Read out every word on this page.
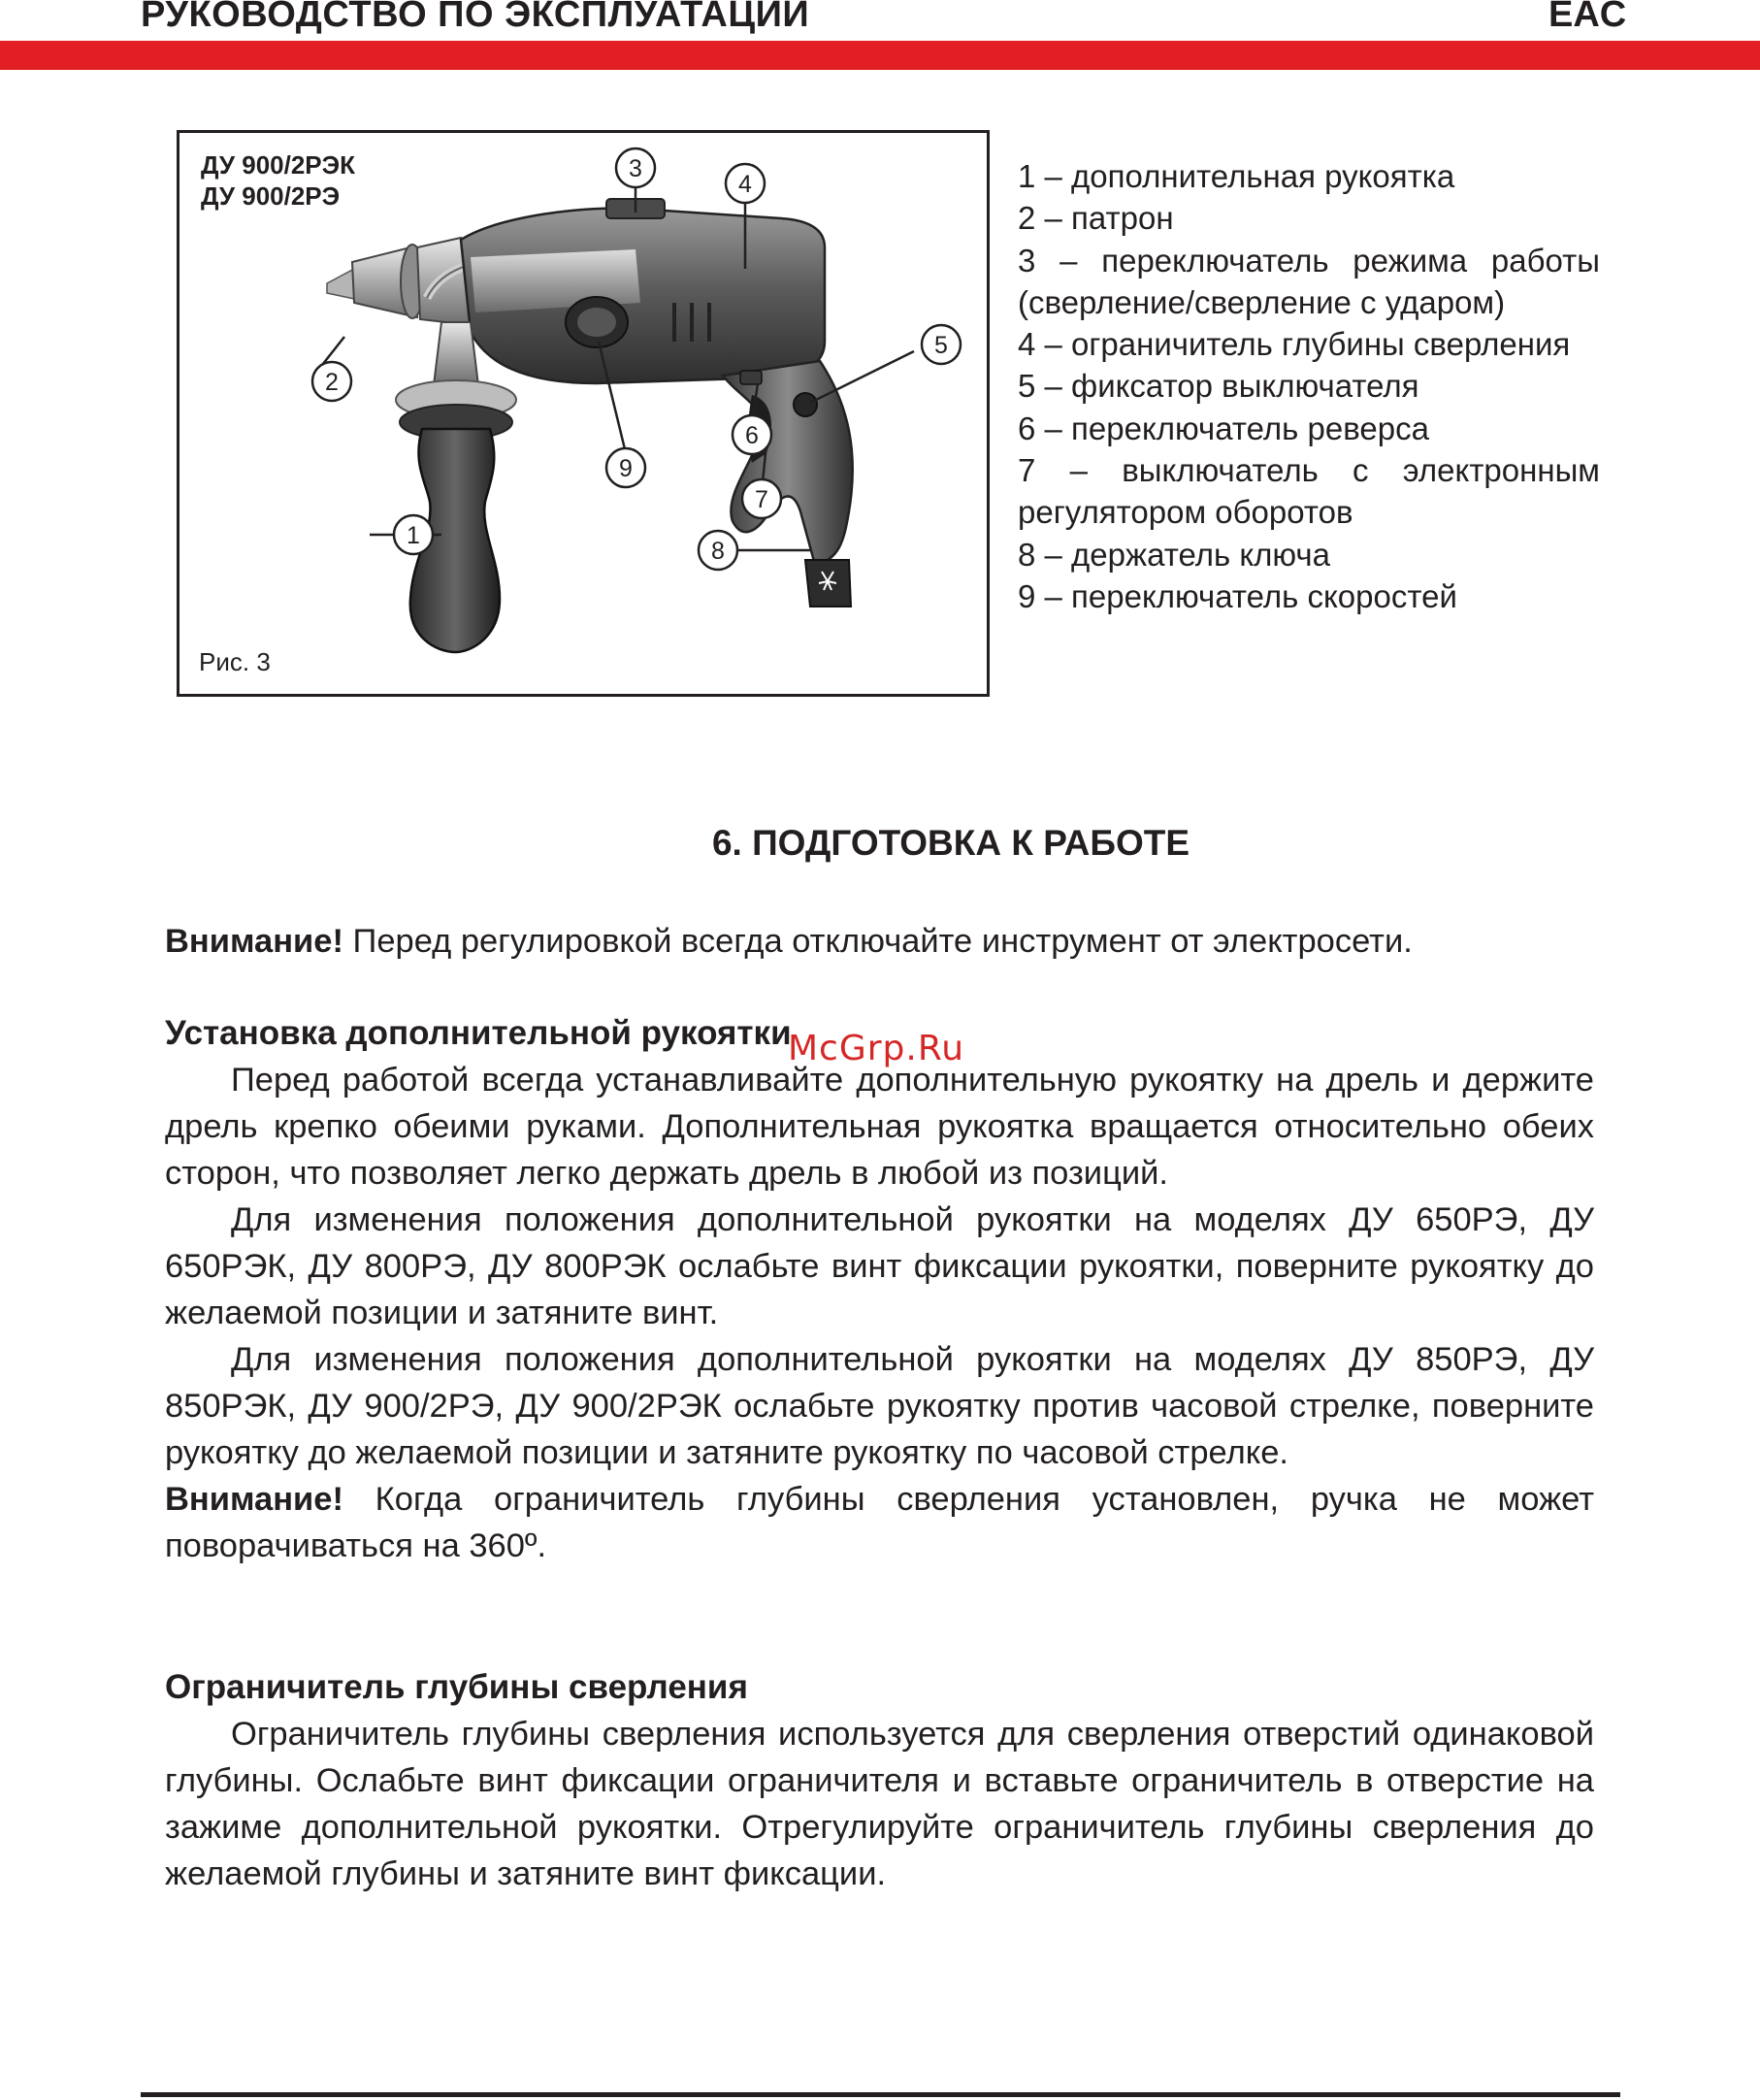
РУКОВОДСТВО ПО ЭКСПЛУАТАЦИИ	EAC
1
2
3
4
5
6
7
8
9
ДУ 900/2РЭК
ДУ 900/2РЭ
Рис. 3
1 – дополнительная рукоятка
2 – патрон
3 – переключатель режима работы (сверление/сверление с ударом)
4 – ограничитель глубины сверления
5 – фиксатор выключателя
6 – переключатель реверса
7 – выключатель с электронным регулятором оборотов
8 – держатель ключа
9 – переключатель скоростей
6. ПОДГОТОВКА К РАБОТЕ

Внимание! Перед регулировкой всегда отключайте инструмент от электросети.

Установка дополнительной рукоятки

Перед работой всегда устанавливайте дополнительную рукоятку на дрель и держите дрель крепко обеими руками. Дополнительная рукоятка вращается относительно обеих сторон, что позволяет легко держать дрель в любой из позиций.

Для изменения положения дополнительной рукоятки на моделях ДУ 650РЭ, ДУ 650РЭК, ДУ 800РЭ, ДУ 800РЭК ослабьте винт фиксации рукоятки, поверните рукоятку до желаемой позиции и затяните винт.

Для изменения положения дополнительной рукоятки на моделях ДУ 850РЭ, ДУ 850РЭК, ДУ 900/2РЭ, ДУ 900/2РЭК ослабьте рукоятку против часовой стрелке, поверните рукоятку до желаемой позиции и затяните рукоятку по часовой стрелке.

Внимание! Когда ограничитель глубины сверления установлен, ручка не может поворачиваться на 360º.

Ограничитель глубины сверления

Ограничитель глубины сверления используется для сверления отверстий одинаковой глубины. Ослабьте винт фиксации ограничителя и вставьте ограничитель в отверстие на зажиме дополнительной рукоятки. Отрегулируйте ограничитель глубины сверления до желаемой глубины и затяните винт фиксации.

McGrp.Ru
